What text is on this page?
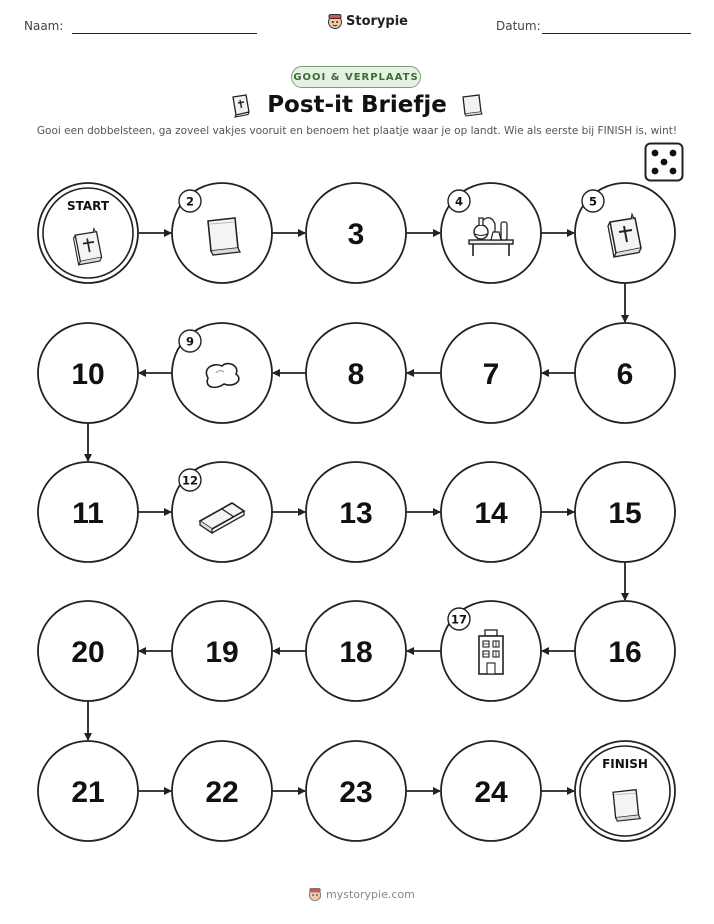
Naam:	Storypie	Datum:
GOOI & VERPLAATS
Post-it Briefje
Gooi een dobbelsteen, ga zoveel vakjes vooruit en benoem het plaatje waar je op landt. Wie als eerste bij FINISH is, wint!
START	2
3
4	5
6
7
8
9
10
11
12
13	14	15
16
17
18
19
20
21	22	23	24
FINISH
mystorypie.com
